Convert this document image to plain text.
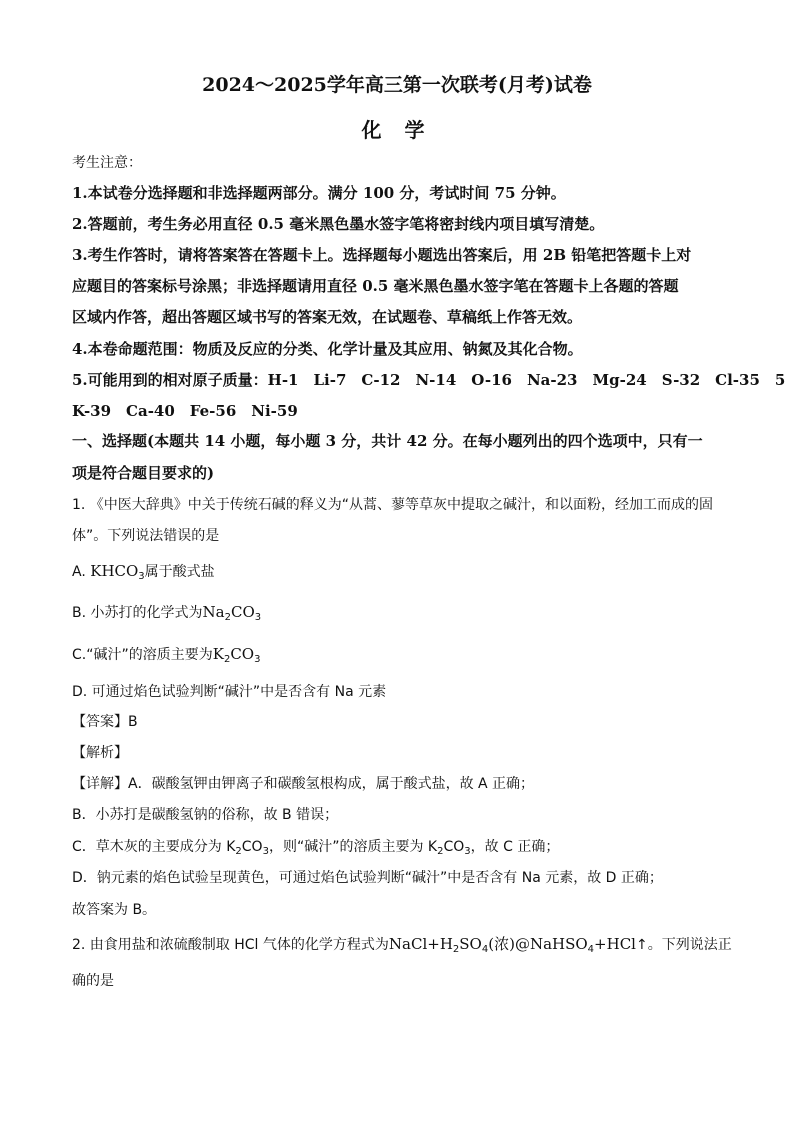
2024～2025学年高三第一次联考(月考)试卷
化 学
考生注意：
1.本试卷分选择题和非选择题两部分。满分 100 分，考试时间 75 分钟。
2.答题前，考生务必用直径 0.5 毫米黑色墨水签字笔将密封线内项目填写清楚。
3.考生作答时，请将答案答在答题卡上。选择题每小题选出答案后，用 2B 铅笔把答题卡上对
应题目的答案标号涂黑；非选择题请用直径 0.5 毫米黑色墨水签字笔在答题卡上各题的答题
区域内作答，超出答题区域书写的答案无效，在试题卷、草稿纸上作答无效。
4.本卷命题范围：物质及反应的分类、化学计量及其应用、钠氮及其化合物。
5.可能用到的相对原子质量：H-1　Li-7　C-12　N-14　O-16　Na-23　Mg-24　S-32　Cl-35　5
K-39　Ca-40　Fe-56　Ni-59
一、选择题(本题共 14 小题，每小题 3 分，共计 42 分。在每小题列出的四个选项中，只有一
项是符合题目要求的)
1. 《中医大辞典》中关于传统石碱的释义为“从蒿、蓼等草灰中提取之碱汁，和以面粉，经加工而成的固
体”。下列说法错误的是
A. $KHCO_3$属于酸式盐
B. 小苏打的化学式为$Na_2CO_3$
C.“碱汁”的溶质主要为$K_2CO_3$
D. 可通过焰色试验判断“碱汁”中是否含有 Na 元素
【答案】B
【解析】
【详解】A．碳酸氢钾由钾离子和碳酸氢根构成，属于酸式盐，故 A 正确；
B．小苏打是碳酸氢钠的俗称，故 B 错误；
C．草木灰的主要成分为 $K_2CO_3$，则“碱汁”的溶质主要为 $K_2CO_3$，故 C 正确；
D．钠元素的焰色试验呈现黄色，可通过焰色试验判断“碱汁”中是否含有 Na 元素，故 D 正确；
故答案为 B。
2. 由食用盐和浓硫酸制取 HCl 气体的化学方程式为$NaCl+H_2SO_4$(浓)@NaHSO$_4$+HCl↑。下列说法正
确的是
